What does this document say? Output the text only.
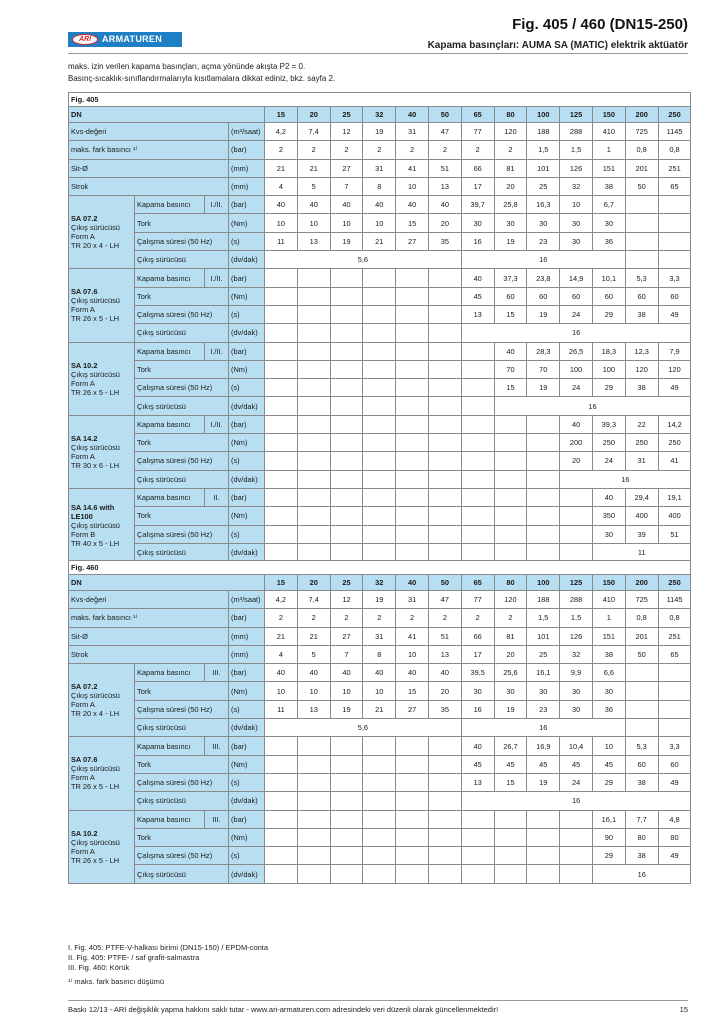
ARI	ARMATUREN
Fig. 405 / 460 (DN15-250)
Kapama basınçları: AUMA SA (MATIC) elektrik aktüatör
maks. izin verilen kapama basınçları, açma yönünde akışta P2 = 0.
Basınç-sıcaklık-sınıflandırmalarıyla kısıtlamalara dikkat ediniz, bkz. sayfa 2.
Fig. 405																
DN				15	20	25	32	40	50	65	80	100	125	150	200	250
Kvs-değeri			(m³/saat)	4,2	7,4	12	19	31	47	77	120	188	288	410	725	1145
maks. fark basıncı ¹⁾			(bar)	2	2	2	2	2	2	2	2	1,5	1,5	1	0,8	0,8
Sit-Ø			(mm)	21	21	27	31	41	51	66	81	101	126	151	201	251
Strok			(mm)	4	5	7	8	10	13	17	20	25	32	38	50	65

SA 07.2
Çıkış sürücüsü
Form A
TR 20 x 4 - LH	Kapama basıncı	I./II.	(bar)	40	40	40	40	40	40	39,7	25,8	16,3	10	6,7		
	Tork		(Nm)	10	10	10	10	15	20	30	30	30	30	30		
	Çalışma süresi (50 Hz)		(s)	11	13	19	21	27	35	16	19	23	30	36		
	Çıkış sürücüsü		(dv/dak)	5,6						16						

SA 07.6
Çıkış sürücüsü
Form A
TR 26 x 5 - LH	Kapama basıncı	I./II.	(bar)							40	37,3	23,8	14,9	10,1	5,3	3,3
	Tork		(Nm)							45	60	60	60	60	60	60
	Çalışma süresi (50 Hz)		(s)							13	15	19	24	29	38	49
	Çıkış sürücüsü		(dv/dak)							16						

SA 10.2
Çıkış sürücüsü
Form A
TR 26 x 5 - LH	Kapama basıncı	I./II.	(bar)								40	28,3	26,5	18,3	12,3	7,9
	Tork		(Nm)								70	70	100	100	120	120
	Çalışma süresi (50 Hz)		(s)								15	19	24	29	38	49
	Çıkış sürücüsü		(dv/dak)								16					

SA 14.2
Çıkış sürücüsü
Form A
TR 30 x 6 - LH	Kapama basıncı	I./II.	(bar)										40	39,3	22	14,2
	Tork		(Nm)										200	250	250	250
	Çalışma süresi (50 Hz)		(s)										20	24	31	41
	Çıkış sürücüsü		(dv/dak)										16			

SA 14.6 with LE100
Çıkış sürücüsü
Form B
TR 40 x 5 - LH	Kapama basıncı	II.	(bar)											40	29,4	19,1
	Tork		(Nm)											350	400	400
	Çalışma süresi (50 Hz)		(s)											30	39	51
	Çıkış sürücüsü		(dv/dak)											11		
Fig. 460																
DN				15	20	25	32	40	50	65	80	100	125	150	200	250
Kvs-değeri			(m³/saat)	4,2	7,4	12	19	31	47	77	120	188	288	410	725	1145
maks. fark basıncı ¹⁾			(bar)	2	2	2	2	2	2	2	2	1,5	1,5	1	0,8	0,8
Sit-Ø			(mm)	21	21	27	31	41	51	66	81	101	126	151	201	251
Strok			(mm)	4	5	7	8	10	13	17	20	25	32	38	50	65

SA 07.2
Çıkış sürücüsü
Form A
TR 20 x 4 - LH	Kapama basıncı	III.	(bar)	40	40	40	40	40	40	39,5	25,6	16,1	9,9	6,6		
	Tork		(Nm)	10	10	10	10	15	20	30	30	30	30	30		
	Çalışma süresi (50 Hz)		(s)	11	13	19	21	27	35	16	19	23	30	36		
	Çıkış sürücüsü		(dv/dak)	5,6						16						

SA 07.6
Çıkış sürücüsü
Form A
TR 26 x 5 - LH	Kapama basıncı	III.	(bar)							40	26,7	16,9	10,4	10	5,3	3,3
	Tork		(Nm)							45	45	45	45	45	60	60
	Çalışma süresi (50 Hz)		(s)							13	15	19	24	29	38	49
	Çıkış sürücüsü		(dv/dak)							16						

SA 10.2
Çıkış sürücüsü
Form A
TR 26 x 5 - LH	Kapama basıncı	III.	(bar)											16,1	7,7	4,8
	Tork		(Nm)											90	80	80
	Çalışma süresi (50 Hz)		(s)											29	38	49
	Çıkış sürücüsü		(dv/dak)											16		
I. Fig. 405: PTFE-V-halkası birimi (DN15-150) / EPDM-conta
II. Fig. 405: PTFE- / saf grafit-salmastra
III. Fig. 460: Körük
¹⁾ maks. fark basıncı düşümü
Baskı 12/13 - ARI değişiklik yapma hakkını saklı tutar - www.ari-armaturen.com adresindeki veri düzenli olarak güncellenmektedir!	15
